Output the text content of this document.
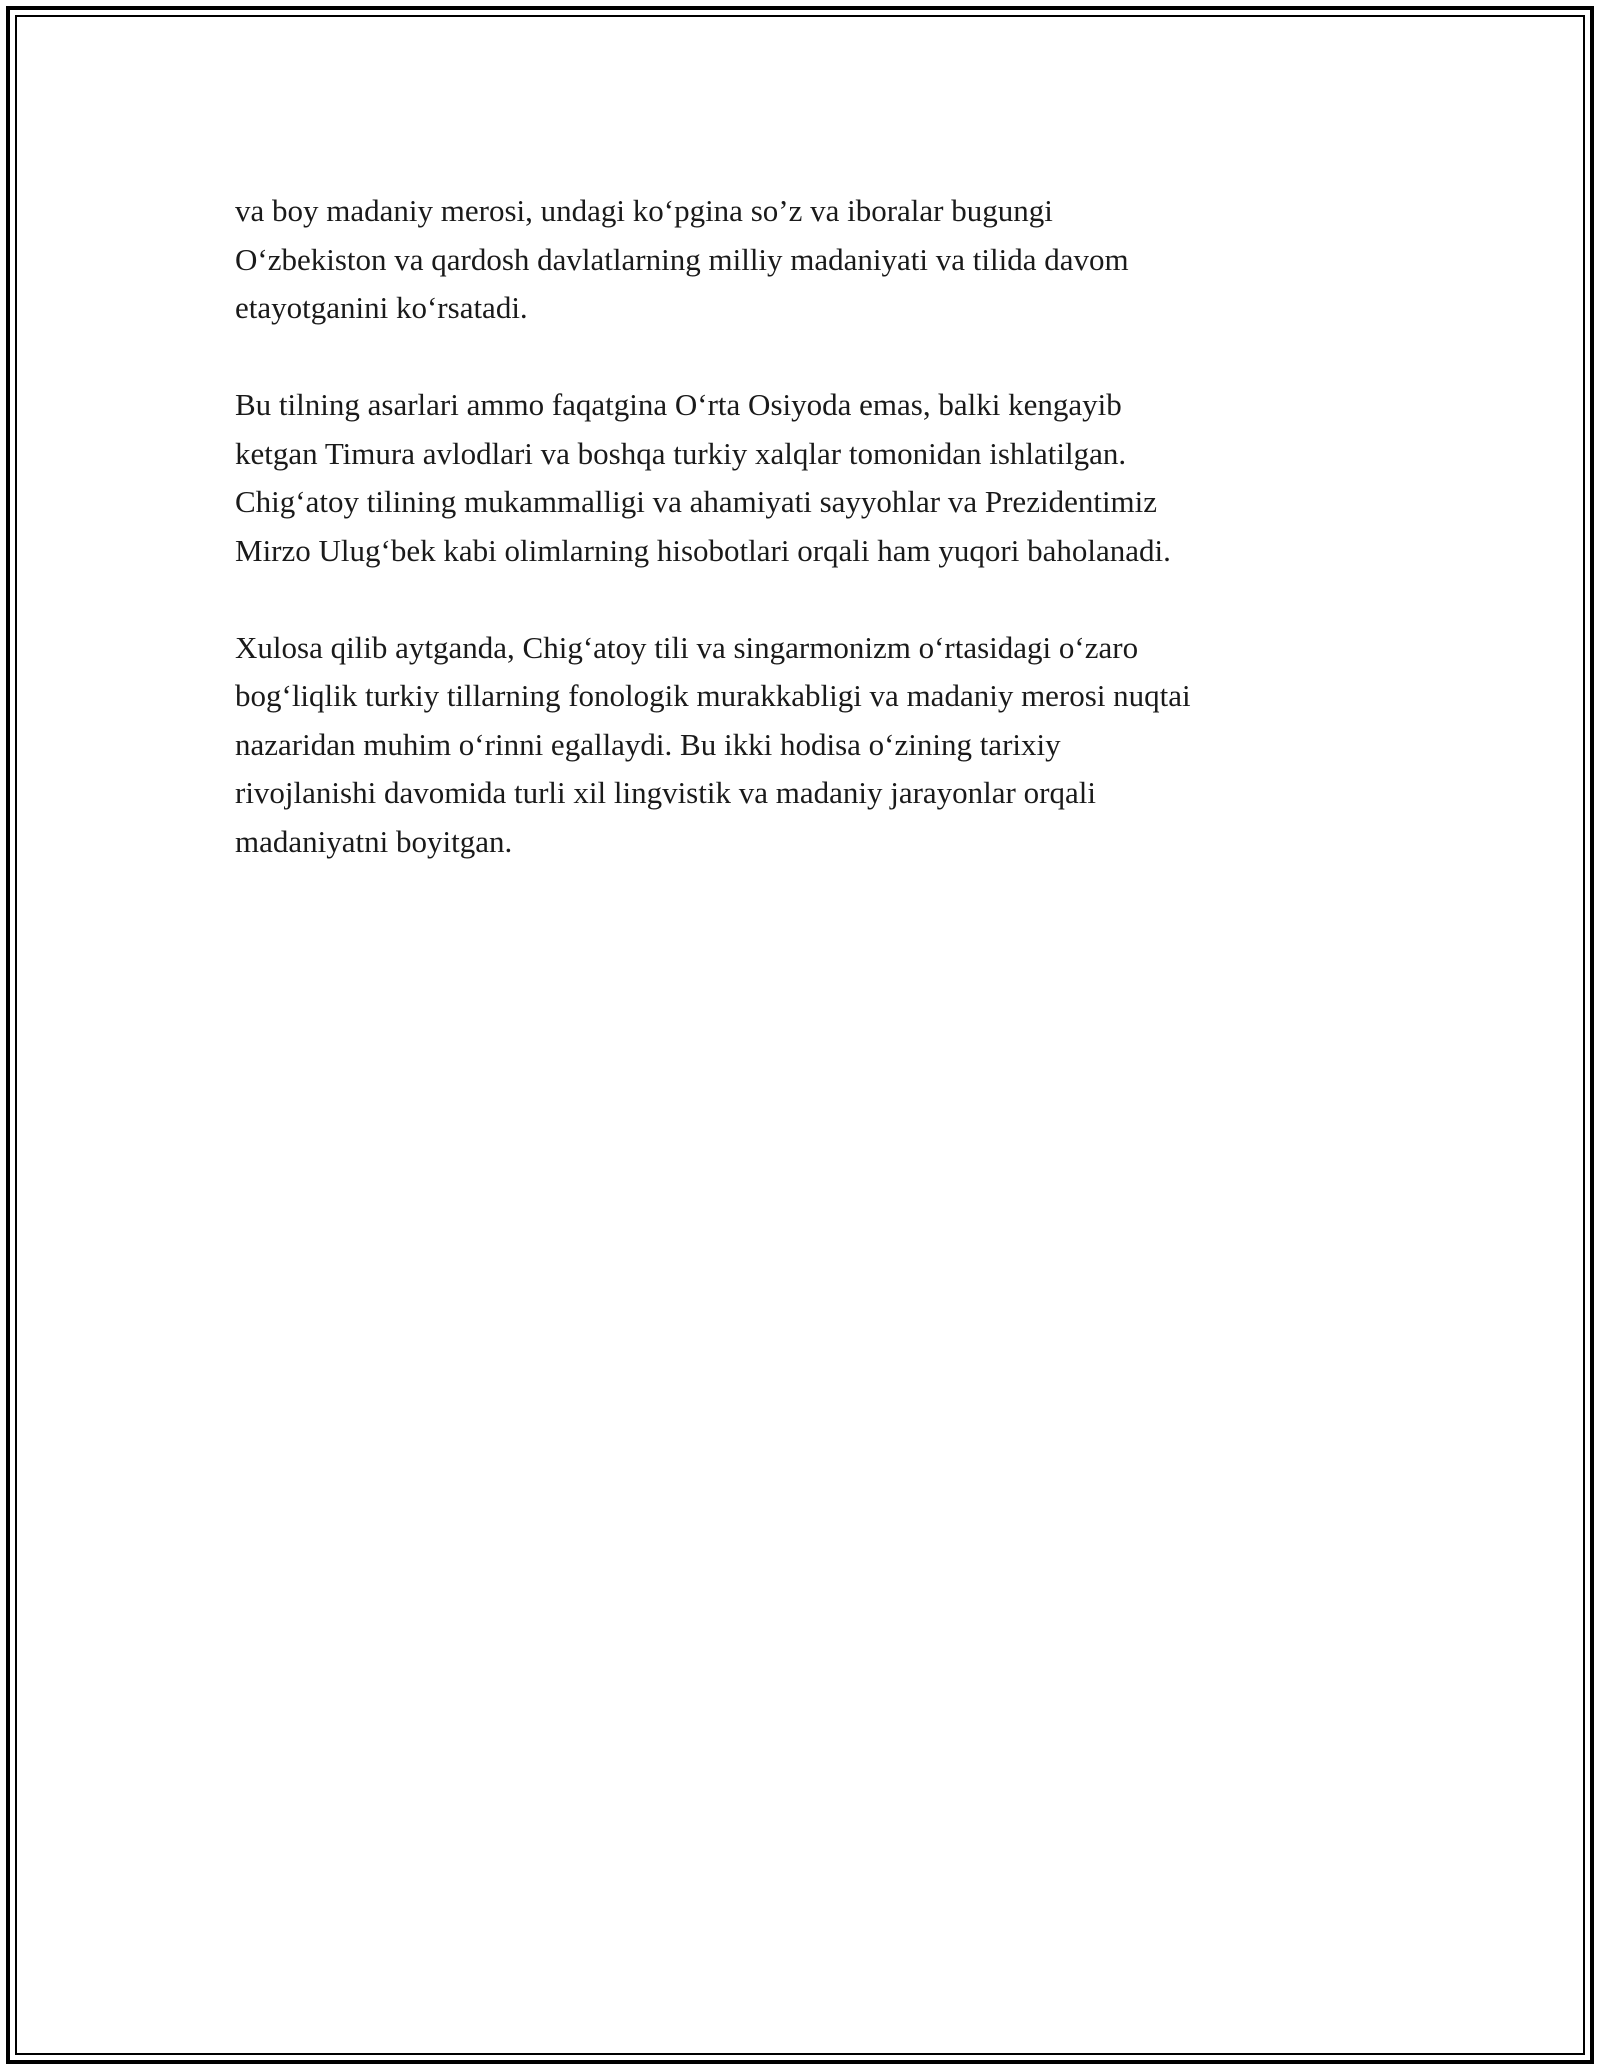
va boy madaniy merosi, undagi ko‘pgina so’z va iboralar bugungi
O‘zbekiston va qardosh davlatlarning milliy madaniyati va tilida davom
etayotganini ko‘rsatadi.

Bu tilning asarlari ammo faqatgina O‘rta Osiyoda emas, balki kengayib
ketgan Timura avlodlari va boshqa turkiy xalqlar tomonidan ishlatilgan.
Chig‘atoy tilining mukammalligi va ahamiyati sayyohlar va Prezidentimiz
Mirzo Ulug‘bek kabi olimlarning hisobotlari orqali ham yuqori baholanadi.

Xulosa qilib aytganda, Chig‘atoy tili va singarmonizm o‘rtasidagi o‘zaro
bog‘liqlik turkiy tillarning fonologik murakkabligi va madaniy merosi nuqtai
nazaridan muhim o‘rinni egallaydi. Bu ikki hodisa o‘zining tarixiy
rivojlanishi davomida turli xil lingvistik va madaniy jarayonlar orqali
madaniyatni boyitgan.
